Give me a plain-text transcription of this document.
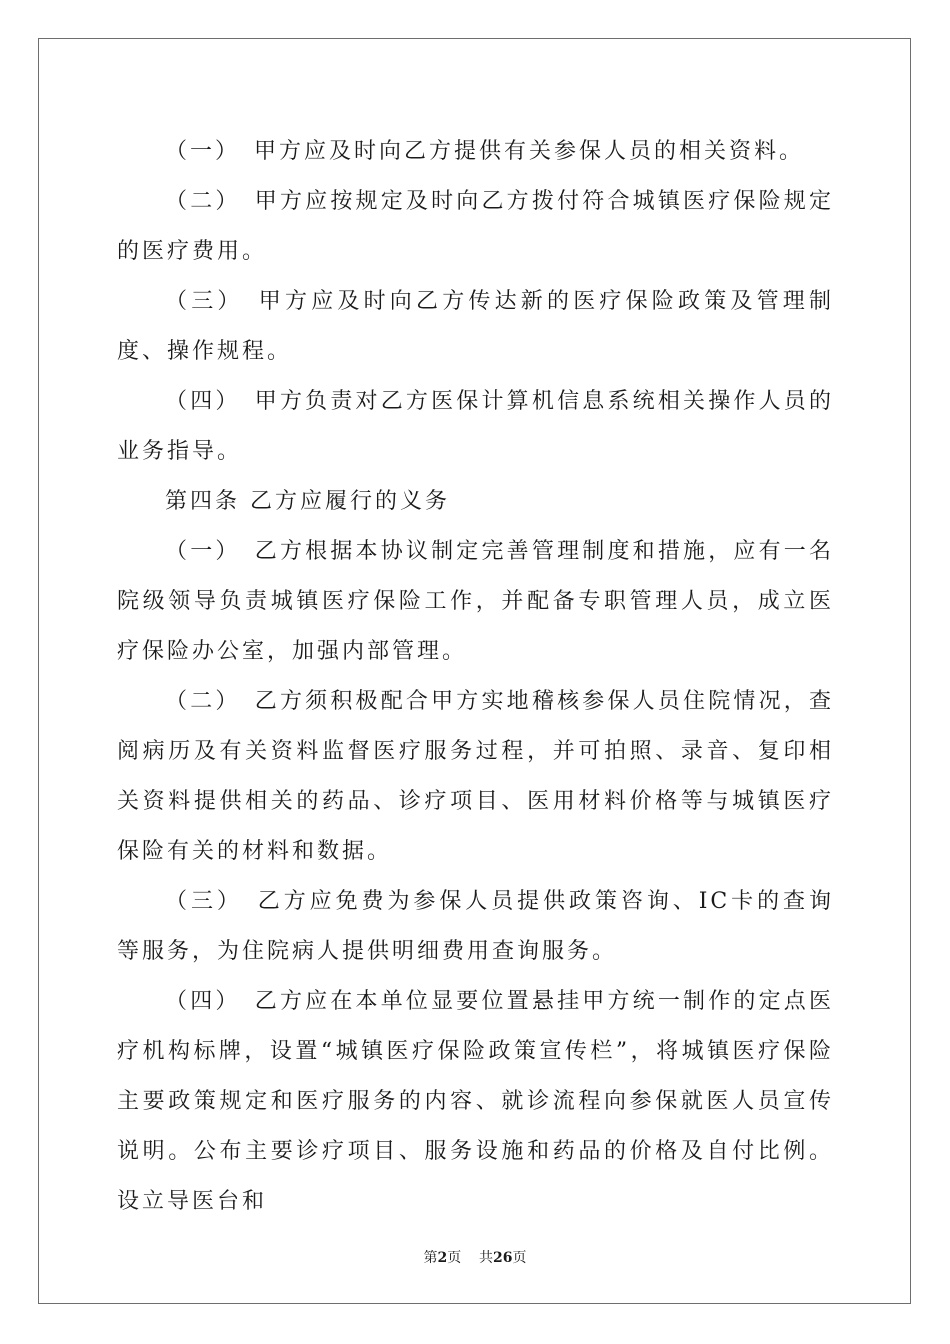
（一）　甲方应及时向乙方提供有关参保人员的相关资料。

（二）　甲方应按规定及时向乙方拨付符合城镇医疗保险规定的医疗费用。

（三）　甲方应及时向乙方传达新的医疗保险政策及管理制度、操作规程。

（四）　甲方负责对乙方医保计算机信息系统相关操作人员的业务指导。

第四条 乙方应履行的义务

（一）　乙方根据本协议制定完善管理制度和措施，应有一名院级领导负责城镇医疗保险工作，并配备专职管理人员，成立医疗保险办公室，加强内部管理。

（二）　乙方须积极配合甲方实地稽核参保人员住院情况，查阅病历及有关资料监督医疗服务过程，并可拍照、录音、复印相关资料提供相关的药品、诊疗项目、医用材料价格等与城镇医疗保险有关的材料和数据。

（三）　乙方应免费为参保人员提供政策咨询、IC卡的查询等服务，为住院病人提供明细费用查询服务。

（四）　乙方应在本单位显要位置悬挂甲方统一制作的定点医疗机构标牌，设置“城镇医疗保险政策宣传栏”，将城镇医疗保险主要政策规定和医疗服务的内容、就诊流程向参保就医人员宣传说明。公布主要诊疗项目、服务设施和药品的价格及自付比例。设立导医台和

第2页 共26页
